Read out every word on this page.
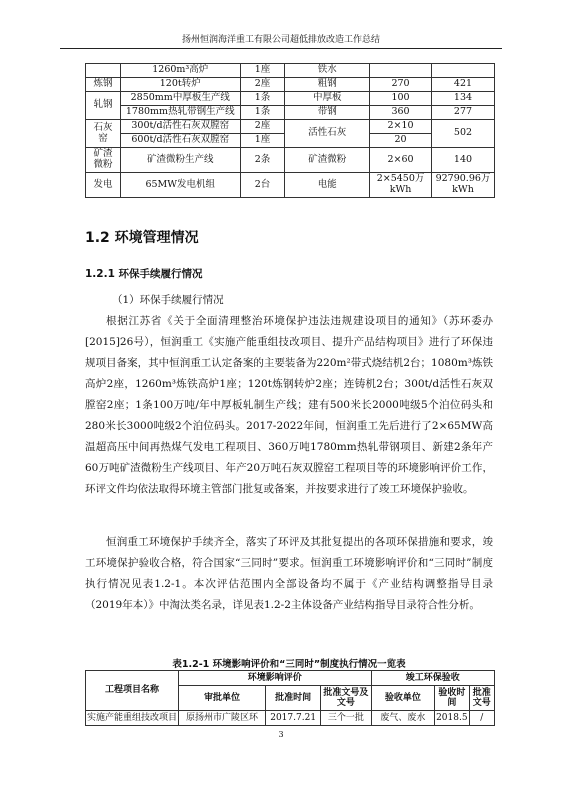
扬州恒润海洋重工有限公司超低排放改造工作总结
	1260m³高炉	1座	铁水		
炼钢	120t转炉	2座	粗钢	270	421
轧钢	2850mm中厚板生产线	1条	中厚板	100	134
	1780mm热轧带钢生产线	1条	带钢	360	277
石灰窑	300t/d活性石灰双膛窑	2座	活性石灰	2×10	502
	600t/d活性石灰双膛窑	1座		20	
矿渣微粉	矿渣微粉生产线	2条	矿渣微粉	2×60	140
发电	65MW发电机组	2台	电能	2×5450万kWh	92790.96万kWh
1.2 环境管理情况
1.2.1 环保手续履行情况
（1）环保手续履行情况

根据江苏省《关于全面清理整治环境保护违法违规建设项目的通知》（苏环委办[2015]26号），恒润重工《实施产能重组技改项目、提升产品结构项目》进行了环保违规项目备案，其中恒润重工认定备案的主要装备为220m²带式烧结机2台；1080m³炼铁高炉2座，1260m³炼铁高炉1座；120t炼钢转炉2座；连铸机2台；300t/d活性石灰双膛窑2座；1条100万吨/年中厚板轧制生产线；建有500米长2000吨级5个泊位码头和280米长3000吨级2个泊位码头。2017-2022年间，恒润重工先后进行了2×65MW高温超高压中间再热煤气发电工程项目、360万吨1780mm热轧带钢项目、新建2条年产60万吨矿渣微粉生产线项目、年产20万吨石灰双膛窑工程项目等的环境影响评价工作，环评文件均依法取得环境主管部门批复或备案，并按要求进行了竣工环境保护验收。

恒润重工环境保护手续齐全，落实了环评及其批复提出的各项环保措施和要求，竣工环境保护验收合格，符合国家“三同时”要求。恒润重工环境影响评价和“三同时”制度执行情况见表1.2-1。本次评估范围内全部设备均不属于《产业结构调整指导目录（2019年本）》中淘汰类名录，详见表1.2-2主体设备产业结构指导目录符合性分析。

表1.2-1 环境影响评价和“三同时”制度执行情况一览表
工程项目名称	环境影响评价			竣工环保验收		
	审批单位	批准时间	批准文号及文号	验收单位	验收时间	批准文号
实施产能重组技改项目	原扬州市广陵区环	2017.7.21	三个一批	废气、废水	2018.5	/
3
